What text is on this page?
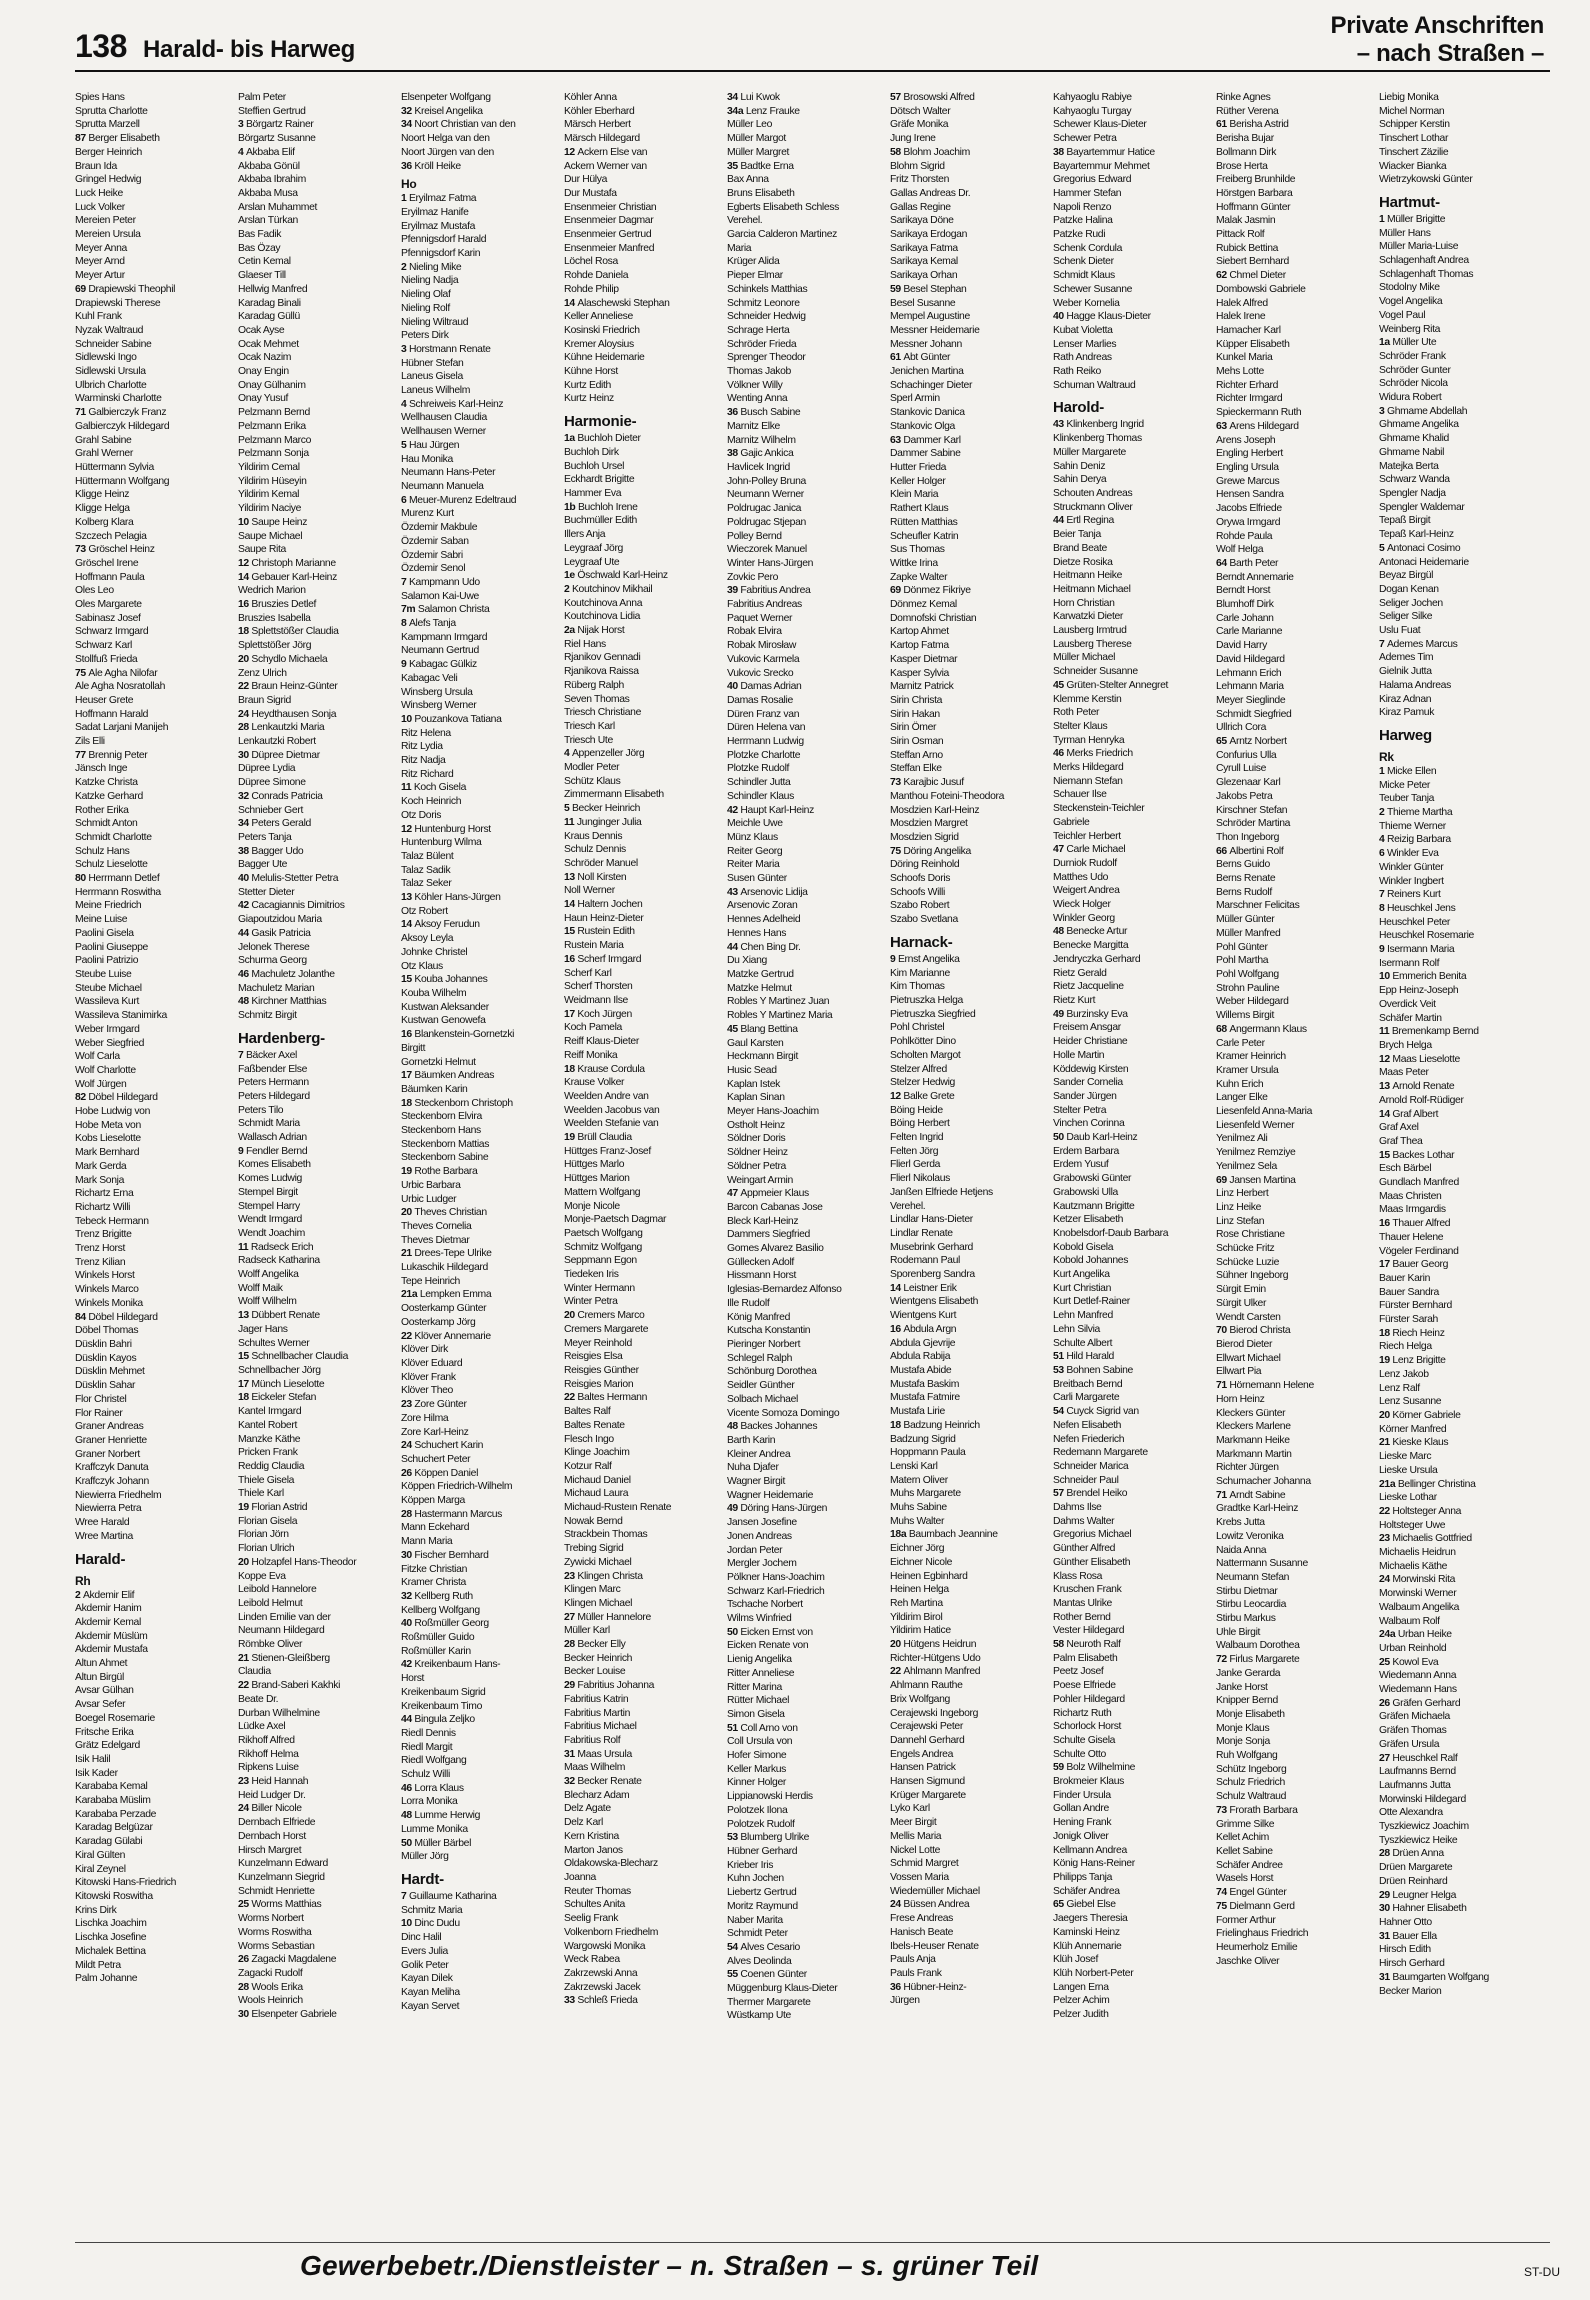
138 Harald- bis Harweg
Private Anschriften
– nach Straßen –
Spies Hans
Sprutta Charlotte
Sprutta Marzell
87 Berger Elisabeth
Berger Heinrich
Braun Ida
Gringel Hedwig
Luck Heike
Luck Volker
Mereien Peter
Mereien Ursula
Meyer Anna
Meyer Arnd
Meyer Artur
69 Drapiewski Theophil
Drapiewski Therese
Kuhl Frank
Nyzak Waltraud
Schneider Sabine
Sidlewski Ingo
Sidlewski Ursula
Ulbrich Charlotte
Warminski Charlotte
71 Galbierczyk Franz
Galbierczyk Hildegard
Grahl Sabine
Grahl Werner
Hüttermann Sylvia
Hüttermann Wolfgang
Kligge Heinz
Kligge Helga
Kolberg Klara
Szczech Pelagia
73 Gröschel Heinz
Gröschel Irene
Hoffmann Paula
Oles Leo
Oles Margarete
Sabinasz Josef
Schwarz Irmgard
Schwarz Karl
Stollfuß Frieda
75 Ale Agha Nilofar
Ale Agha Nosratollah
Heuser Grete
Hoffmann Harald
Sadat Larjani Manijeh
Zils Elli
77 Brennig Peter
Jänsch Inge
Katzke Christa
Katzke Gerhard
Rother Erika
Schmidt Anton
Schmidt Charlotte
Schulz Hans
Schulz Lieselotte
80 Herrmann Detlef
Herrmann Roswitha
Meine Friedrich
Meine Luise
Paolini Gisela
Paolini Giuseppe
Paolini Patrizio
Steube Luise
Steube Michael
Wassileva Kurt
Wassileva Stanimirka
Weber Irmgard
Weber Siegfried
Wolf Carla
Wolf Charlotte
Wolf Jürgen
82 Döbel Hildegard
Hobe Ludwig von
Hobe Meta von
Kobs Lieselotte
Mark Bernhard
Mark Gerda
Mark Sonja
Richartz Erna
Richartz Willi
Tebeck Hermann
Trenz Brigitte
Trenz Horst
Trenz Kilian
Winkels Horst
Winkels Marco
Winkels Monika
84 Döbel Hildegard
Döbel Thomas
Düsklin Bahri
Düsklin Kayos
Düsklin Mehmet
Düsklin Sahar
Flor Christel
Flor Rainer
Graner Andreas
Graner Henriette
Graner Norbert
Kraffczyk Danuta
Kraffczyk Johann
Niewierra Friedhelm
Niewierra Petra
Wree Harald
Wree Martina
Harald-
Rh
2 Akdemir Elif
Akdemir Hanim
Akdemir Kemal
Akdemir Müslüm
Akdemir Mustafa
Altun Ahmet
Altun Birgül
Avsar Gülhan
Avsar Sefer
Boegel Rosemarie
Fritsche Erika
Grätz Edelgard
Isik Halil
Isik Kader
Karababa Kemal
Karababa Müslim
Karababa Perzade
Karadag Belgüzar
Karadag Gülabi
Kiral Gülten
Kiral Zeynel
Kitowski Hans-Friedrich
Kitowski Roswitha
Krins Dirk
Lischka Joachim
Lischka Josefine
Michalek Bettina
Mildt Petra
Palm Johanne
Palm Peter
Steffien Gertrud
3 Börgartz Rainer
Börgartz Susanne
4 Akbaba Elif
Akbaba Gönül
Akbaba Ibrahim
Akbaba Musa
Arslan Muhammet
Arslan Türkan
Bas Fadik
Bas Özay
Cetin Kemal
Glaeser Till
Hellwig Manfred
Karadag Binali
Karadag Güllü
Ocak Ayse
Ocak Mehmet
Ocak Nazim
Onay Engin
Onay Gülhanim
Onay Yusuf
Pelzmann Bernd
Pelzmann Erika
Pelzmann Marco
Pelzmann Sonja
Yildirim Cemal
Yildirim Hüseyin
Yildirim Kemal
Yildirim Naciye
10 Saupe Heinz
Saupe Michael
Saupe Rita
12 Christoph Marianne
14 Gebauer Karl-Heinz
Wedrich Marion
16 Bruszies Detlef
Bruszies Isabella
18 Splettstößer Claudia
Splettstößer Jörg
20 Schydlo Michaela
Zenz Ulrich
22 Braun Heinz-Günter
Braun Sigrid
24 Heydthausen Sonja
28 Lenkautzki Maria
Lenkautzki Robert
30 Düpree Dietmar
Düpree Lydia
Düpree Simone
32 Conrads Patricia
Schnieber Gert
34 Peters Gerald
Peters Tanja
38 Bagger Udo
Bagger Ute
40 Melulis-Stetter Petra
Stetter Dieter
42 Cacagiannis Dimitrios
Giapoutzidou Maria
44 Gasik Patricia
Jelonek Therese
Schurma Georg
46 Machuletz Jolanthe
Machuletz Marian
48 Kirchner Matthias
Schmitz Birgit
Hardenberg-
7 Bäcker Axel
Faßbender Else
Peters Hermann
Peters Hildegard
Peters Tilo
Schmidt Maria
Wallasch Adrian
9 Fendler Bernd
Komes Elisabeth
Komes Ludwig
Stempel Birgit
Stempel Harry
Wendt Irmgard
Wendt Joachim
11 Radseck Erich
Radseck Katharina
Wolff Angelika
Wolff Maik
Wolff Wilhelm
13 Dübbert Renate
Jager Hans
Schultes Werner
15 Schnellbacher Claudia
Schnellbacher Jörg
17 Münch Lieselotte
18 Eickeler Stefan
Kantel Irmgard
Kantel Robert
Manzke Käthe
Pricken Frank
Reddig Claudia
Thiele Gisela
Thiele Karl
19 Florian Astrid
Florian Gisela
Florian Jörn
Florian Ulrich
20 Holzapfel Hans-Theodor
Koppe Eva
Leibold Hannelore
Leibold Helmut
Linden Emilie van der
Neumann Hildegard
Römbke Oliver
21 Stienen-Gleißberg
Claudia
22 Brand-Saberi Kakhki
Beate Dr.
Durban Wilhelmine
Lüdke Axel
Rikhoff Alfred
Rikhoff Helma
Ripkens Luise
23 Heid Hannah
Heid Ludger Dr.
24 Biller Nicole
Dernbach Elfriede
Dernbach Horst
Hirsch Margret
Kunzelmann Edward
Kunzelmann Siegrid
Schmidt Henriette
25 Worms Matthias
Worms Norbert
Worms Roswitha
Worms Sebastian
26 Zagacki Magdalene
Zagacki Rudolf
28 Wools Erika
Wools Heinrich
30 Elsenpeter Gabriele
Elsenpeter Wolfgang
32 Kreisel Angelika
34 Noort Christian van den
Noort Helga van den
Noort Jürgen van den
36 Kröll Heike
Ho
1 Eryilmaz Fatma
Eryilmaz Hanife
Eryilmaz Mustafa
Pfennigsdorf Harald
Pfennigsdorf Karin
2 Nieling Mike
Nieling Nadja
Nieling Olaf
Nieling Rolf
Nieling Wiltraud
Peters Dirk
3 Horstmann Renate
Hübner Stefan
Laneus Gisela
Laneus Wilhelm
4 Schreiweis Karl-Heinz
Wellhausen Claudia
Wellhausen Werner
5 Hau Jürgen
Hau Monika
Neumann Hans-Peter
Neumann Manuela
6 Meuer-Murenz Edeltraud
Murenz Kurt
Özdemir Makbule
Özdemir Saban
Özdemir Sabri
Özdemir Senol
7 Kampmann Udo
Salamon Kai-Uwe
7m Salamon Christa
8 Alefs Tanja
Kampmann Irmgard
Neumann Gertrud
9 Kabagac Gülkiz
Kabagac Veli
Winsberg Ursula
Winsberg Werner
10 Pouzankova Tatiana
Ritz Helena
Ritz Lydia
Ritz Nadja
Ritz Richard
11 Koch Gisela
Koch Heinrich
Otz Doris
12 Huntenburg Horst
Huntenburg Wilma
Talaz Bülent
Talaz Sadik
Talaz Seker
13 Köhler Hans-Jürgen
Otz Robert
14 Aksoy Ferudun
Aksoy Leyla
Johnke Christel
Otz Klaus
15 Kouba Johannes
Kouba Wilhelm
Kustwan Aleksander
Kustwan Genowefa
16 Blankenstein-Gornetzki
Birgitt
Gornetzki Helmut
17 Bäumken Andreas
Bäumken Karin
18 Steckenborn Christoph
Steckenborn Elvira
Steckenborn Hans
Steckenborn Mattias
Steckenborn Sabine
19 Rothe Barbara
Urbic Barbara
Urbic Ludger
20 Theves Christian
Theves Cornelia
Theves Dietmar
21 Drees-Tepe Ulrike
Lukaschik Hildegard
Tepe Heinrich
21a Lempken Emma
Oosterkamp Günter
Oosterkamp Jörg
22 Klöver Annemarie
Klöver Dirk
Klöver Eduard
Klöver Frank
Klöver Theo
23 Zore Günter
Zore Hilma
Zore Karl-Heinz
24 Schuchert Karin
Schuchert Peter
26 Köppen Daniel
Köppen Friedrich-Wilhelm
Köppen Marga
28 Hastermann Marcus
Mann Eckehard
Mann Maria
30 Fischer Bernhard
Fitzke Christian
Kramer Christa
32 Kellberg Ruth
Kellberg Wolfgang
40 Roßmüller Georg
Roßmüller Guido
Roßmüller Karin
42 Kreikenbaum Hans-
Horst
Kreikenbaum Sigrid
Kreikenbaum Timo
44 Bingula Zeljko
Riedl Dennis
Riedl Margit
Riedl Wolfgang
Schulz Willi
46 Lorra Klaus
Lorra Monika
48 Lumme Herwig
Lumme Monika
50 Müller Bärbel
Müller Jörg
Hardt-
7 Guillaume Katharina
Schmitz Maria
10 Dinc Dudu
Dinc Halil
Evers Julia
Golik Peter
Kayan Dilek
Kayan Meliha
Kayan Servet
Köhler Anna
Köhler Eberhard
Märsch Herbert
Märsch Hildegard
12 Ackern Else van
Ackern Werner van
Dur Hülya
Dur Mustafa
Ensenmeier Christian
Ensenmeier Dagmar
Ensenmeier Gertrud
Ensenmeier Manfred
Löchel Rosa
Rohde Daniela
Rohde Philip
14 Alaschewski Stephan
Keller Anneliese
Kosinski Friedrich
Kremer Aloysius
Kühne Heidemarie
Kühne Horst
Kurtz Edith
Kurtz Heinz
Harmonie-
1a Buchloh Dieter
Buchloh Dirk
Buchloh Ursel
Eckhardt Brigitte
Hammer Eva
1b Buchloh Irene
Buchmüller Edith
Illers Anja
Leygraaf Jörg
Leygraaf Ute
1e Öschwald Karl-Heinz
2 Koutchinov Mikhail
Koutchinova Anna
Koutchinova Lidia
2a Nijak Horst
Riel Hans
Rjanikov Gennadi
Rjanikova Raissa
Rüberg Ralph
Seven Thomas
Triesch Christiane
Triesch Karl
Triesch Ute
4 Appenzeller Jörg
Modler Peter
Schütz Klaus
Zimmermann Elisabeth
5 Becker Heinrich
11 Junginger Julia
Kraus Dennis
Schulz Dennis
Schröder Manuel
13 Noll Kirsten
Noll Werner
14 Haltern Jochen
Haun Heinz-Dieter
15 Rustein Edith
Rustein Maria
16 Scherf Irmgard
Scherf Karl
Scherf Thorsten
Weidmann Ilse
17 Koch Jürgen
Koch Pamela
Reiff Klaus-Dieter
Reiff Monika
18 Krause Cordula
Krause Volker
Weelden Andre van
Weelden Jacobus van
Weelden Stefanie van
19 Brüll Claudia
Hüttges Franz-Josef
Hüttges Marlo
Hüttges Marion
Mattern Wolfgang
Monje Nicole
Monje-Paetsch Dagmar
Paetsch Wolfgang
Schmitz Wolfgang
Seppmann Egon
Tiedeken Iris
Winter Hermann
Winter Petra
20 Cremers Marco
Cremers Margarete
Meyer Reinhold
Reisgies Elsa
Reisgies Günther
Reisgies Marion
22 Baltes Hermann
Baltes Ralf
Baltes Renate
Flesch Ingo
Klinge Joachim
Kotzur Ralf
Michaud Daniel
Michaud Laura
Michaud-Rusteın Renate
Nowak Bernd
Strackbein Thomas
Trebing Sigrid
Zywicki Michael
23 Klingen Christa
Klingen Marc
Klingen Michael
27 Müller Hannelore
Müller Karl
28 Becker Elly
Becker Heinrich
Becker Louise
29 Fabritius Johanna
Fabritius Katrin
Fabritius Martin
Fabritius Michael
Fabritius Rolf
31 Maas Ursula
Maas Wilhelm
32 Becker Renate
Blecharz Adam
Delz Agate
Delz Karl
Kern Kristina
Marton Janos
Oldakowska-Blecharz
Joanna
Reuter Thomas
Schultes Anita
Seelig Frank
Volkenborn Friedhelm
Wargowski Monika
Weck Rabea
Zakrzewski Anna
Zakrzewski Jacek
33 Schleß Frieda
34 Lui Kwok
34a Lenz Frauke
Müller Leo
Müller Margot
Müller Margret
35 Badtke Erna
Bax Anna
Bruns Elisabeth
Egberts Elisabeth Schless
Verehel.
Garcia Calderon Martinez
Maria
Krüger Alida
Pieper Elmar
Schinkels Matthias
Schmitz Leonore
Schneider Hedwig
Schrage Herta
Schröder Frieda
Sprenger Theodor
Thomas Jakob
Völkner Willy
Wenting Anna
36 Busch Sabine
Marnitz Elke
Marnitz Wilhelm
38 Gajic Ankica
Havlicek Ingrid
John-Polley Bruna
Neumann Werner
Poldrugac Janica
Poldrugac Stjepan
Polley Bernd
Wieczorek Manuel
Winter Hans-Jürgen
Zovkic Pero
39 Fabritius Andrea
Fabritius Andreas
Paquet Werner
Robak Elvira
Robak Mirosław
Vukovic Karmela
Vukovic Srecko
40 Damas Adrian
Damas Rosalie
Düren Franz van
Düren Helena van
Herrmann Ludwig
Plotzke Charlotte
Plotzke Rudolf
Schindler Jutta
Schindler Klaus
42 Haupt Karl-Heinz
Meichle Uwe
Münz Klaus
Reiter Georg
Reiter Maria
Susen Günter
43 Arsenovic Lidija
Arsenovic Zoran
Hennes Adelheid
Hennes Hans
44 Chen Bing Dr.
Du Xiang
Matzke Gertrud
Matzke Helmut
Robles Y Martinez Juan
Robles Y Martinez Maria
45 Blang Bettina
Gaul Karsten
Heckmann Birgit
Husic Sead
Kaplan Istek
Kaplan Sinan
Meyer Hans-Joachim
Ostholt Heinz
Söldner Doris
Söldner Heinz
Söldner Petra
Weingart Armin
47 Appmeier Klaus
Barcon Cabanas Jose
Bleck Karl-Heinz
Dammers Siegfried
Gomes Alvarez Basilio
Güllecken Adolf
Hissmann Horst
Iglesias-Bernardez Alfonso
Ille Rudolf
König Manfred
Kutscha Konstantin
Pieringer Norbert
Schlegel Ralph
Schönburg Dorothea
Seidler Günther
Solbach Michael
Vicente Somoza Domingo
48 Backes Johannes
Barth Karin
Kleiner Andrea
Nuha Djafer
Wagner Birgit
Wagner Heidemarie
49 Döring Hans-Jürgen
Jansen Josefine
Jonen Andreas
Jordan Peter
Mergler Jochem
Pölkner Hans-Joachim
Schwarz Karl-Friedrich
Tschache Norbert
Wilms Winfried
50 Eicken Ernst von
Eicken Renate von
Lienig Angelika
Ritter Anneliese
Ritter Marina
Rütter Michael
Simon Gisela
51 Coll Arno von
Coll Ursula von
Hofer Simone
Keller Markus
Kinner Holger
Lippianowski Herdis
Polotzek Ilona
Polotzek Rudolf
53 Blumberg Ulrike
Hübner Gerhard
Krieber Iris
Kuhn Jochen
Liebertz Gertrud
Moritz Raymund
Naber Marita
Schmidt Peter
54 Alves Cesario
Alves Deolinda
55 Coenen Günter
Müggenburg Klaus-Dieter
Thermer Margarete
Wüstkamp Ute
57 Brosowski Alfred
Dötsch Walter
Gräfe Monika
Jung Irene
58 Blohm Joachim
Blohm Sigrid
Fritz Thorsten
Gallas Andreas Dr.
Gallas Regine
Sarikaya Döne
Sarikaya Erdogan
Sarikaya Fatma
Sarikaya Kemal
Sarikaya Orhan
59 Besel Stephan
Besel Susanne
Mempel Augustine
Messner Heidemarie
Messner Johann
61 Abt Günter
Jenichen Martina
Schachinger Dieter
Sperl Armin
Stankovic Danica
Stankovic Olga
63 Dammer Karl
Dammer Sabine
Hutter Frieda
Keller Holger
Klein Maria
Rathert Klaus
Rütten Matthias
Scheufler Katrin
Sus Thomas
Wittke Irina
Zapke Walter
69 Dönmez Fikriye
Dönmez Kemal
Domnofski Christian
Kartop Ahmet
Kartop Fatma
Kasper Dietmar
Kasper Sylvia
Marnitz Patrick
Sirin Christa
Sirin Hakan
Sirin Ömer
Sirin Osman
Steffan Arno
Steffan Elke
73 Karajbic Jusuf
Manthou Foteini-Theodora
Mosdzien Karl-Heinz
Mosdzien Margret
Mosdzien Sigrid
75 Döring Angelika
Döring Reinhold
Schoofs Doris
Schoofs Willi
Szabo Robert
Szabo Svetlana
Harnack-
9 Ernst Angelika
Kim Marianne
Kim Thomas
Pietruszka Helga
Pietruszka Siegfried
Pohl Christel
Pohlkötter Dino
Scholten Margot
Stelzer Alfred
Stelzer Hedwig
12 Balke Grete
Böing Heide
Böing Herbert
Felten Ingrid
Felten Jörg
Flierl Gerda
Flierl Nikolaus
Janßen Elfriede Hetjens
Verehel.
Lindlar Hans-Dieter
Lindlar Renate
Musebrink Gerhard
Rodemann Paul
Sporenberg Sandra
14 Leistner Erik
Wientgens Elisabeth
Wientgens Kurt
16 Abdula Argn
Abdula Gjevrije
Abdula Rabija
Mustafa Abide
Mustafa Baskim
Mustafa Fatmire
Mustafa Lirie
18 Badzung Heinrich
Badzung Sigrid
Hoppmann Paula
Lenski Karl
Matern Oliver
Muhs Margarete
Muhs Sabine
Muhs Walter
18a Baumbach Jeannine
Eichner Jörg
Eichner Nicole
Heinen Egbinhard
Heinen Helga
Reh Martina
Yildirim Birol
Yildirim Hatice
20 Hütgens Heidrun
Richter-Hütgens Udo
22 Ahlmann Manfred
Ahlmann Rauthe
Brix Wolfgang
Cerajewski Ingeborg
Cerajewski Peter
Dannehl Gerhard
Engels Andrea
Hansen Patrick
Hansen Sigmund
Krüger Margarete
Lyko Karl
Meer Birgit
Mellis Maria
Nickel Lotte
Schmid Margret
Vossen Maria
Wiedemüller Michael
24 Büssen Andrea
Frese Andreas
Hanisch Beate
Ibels-Heuser Renate
Pauls Anja
Pauls Frank
36 Hübner-Heinz-
Jürgen
Kahyaoglu Rabiye
Kahyaoglu Turgay
Schewer Klaus-Dieter
Schewer Petra
38 Bayartemmur Hatice
Bayartemmur Mehmet
Gregorius Edward
Hammer Stefan
Napoli Renzo
Patzke Halina
Patzke Rudi
Schenk Cordula
Schenk Dieter
Schmidt Klaus
Schewer Susanne
Weber Kornelia
40 Hagge Klaus-Dieter
Kubat Violetta
Lenser Marlies
Rath Andreas
Rath Reiko
Schuman Waltraud
Harold-
43 Klinkenberg Ingrid
Klinkenberg Thomas
Müller Margarete
Sahin Deniz
Sahin Derya
Schouten Andreas
Struckmann Oliver
44 Ertl Regina
Beier Tanja
Brand Beate
Dietze Rosika
Heitmann Heike
Heitmann Michael
Horn Christian
Karwatzki Dieter
Lausberg Irmtrud
Lausberg Therese
Müller Michael
Schneider Susanne
45 Grüten-Stelter Annegret
Klemme Kerstin
Roth Peter
Stelter Klaus
Tyrman Henryka
46 Merks Friedrich
Merks Hildegard
Niemann Stefan
Schauer Ilse
Steckenstein-Teichler
Gabriele
Teichler Herbert
47 Carle Michael
Durniok Rudolf
Matthes Udo
Weigert Andrea
Wieck Holger
Winkler Georg
48 Benecke Artur
Benecke Margitta
Jendryczka Gerhard
Rietz Gerald
Rietz Jacqueline
Rietz Kurt
49 Burzinsky Eva
Freisem Ansgar
Heider Christiane
Holle Martin
Köddewig Kirsten
Sander Cornelia
Sander Jürgen
Stelter Petra
Vinchen Corinna
50 Daub Karl-Heinz
Erdem Barbara
Erdem Yusuf
Grabowski Günter
Grabowski Ulla
Kautzmann Brigitte
Ketzer Elisabeth
Knobelsdorf-Daub Barbara
Kobold Gisela
Kobold Johannes
Kurt Angelika
Kurt Christian
Kurt Detlef-Rainer
Lehn Manfred
Lehn Silvia
Schulte Albert
51 Hild Harald
53 Bohnen Sabine
Breitbach Bernd
Carli Margarete
54 Cuyck Sigrid van
Nefen Elisabeth
Nefen Friederich
Redemann Margarete
Schneider Marica
Schneider Paul
57 Brendel Heiko
Dahms Ilse
Dahms Walter
Gregorius Michael
Günther Alfred
Günther Elisabeth
Klass Rosa
Kruschen Frank
Mantas Ulrike
Rother Bernd
Vester Hildegard
58 Neuroth Ralf
Palm Elisabeth
Peetz Josef
Poese Elfriede
Pohler Hildegard
Richartz Ruth
Schorlock Horst
Schulte Gisela
Schulte Otto
59 Bolz Wilhelmine
Brokmeier Klaus
Finder Ursula
Gollan Andre
Hening Frank
Jonigk Oliver
Kellmann Andrea
König Hans-Reiner
Philipps Tanja
Schäfer Andrea
65 Giebel Else
Jaegers Theresia
Kaminski Heinz
Klüh Annemarie
Klüh Josef
Klüh Norbert-Peter
Langen Erna
Pelzer Achim
Pelzer Judith
Rinke Agnes
Rüther Verena
61 Berisha Astrid
Berisha Bujar
Bollmann Dirk
Brose Herta
Freiberg Brunhilde
Hörstgen Barbara
Hoffmann Günter
Malak Jasmin
Pittack Rolf
Rubick Bettina
Siebert Bernhard
62 Chmel Dieter
Dombowski Gabriele
Halek Alfred
Halek Irene
Hamacher Karl
Küpper Elisabeth
Kunkel Maria
Mehs Lotte
Richter Erhard
Richter Irmgard
Spieckermann Ruth
63 Arens Hildegard
Arens Joseph
Engling Herbert
Engling Ursula
Grewe Marcus
Hensen Sandra
Jacobs Elfriede
Orywa Irmgard
Rohde Paula
Wolf Helga
64 Barth Peter
Berndt Annemarie
Berndt Horst
Blumhoff Dirk
Carle Johann
Carle Marianne
David Harry
David Hildegard
Lehmann Erich
Lehmann Maria
Meyer Sieglinde
Schmidt Siegfried
Ullrich Cora
65 Arntz Norbert
Confurius Ulla
Cyrull Luise
Glezenaar Karl
Jakobs Petra
Kirschner Stefan
Schröder Martina
Thon Ingeborg
66 Albertini Rolf
Berns Guido
Berns Renate
Berns Rudolf
Marschner Felicitas
Müller Günter
Müller Manfred
Pohl Günter
Pohl Martha
Pohl Wolfgang
Strohn Pauline
Weber Hildegard
Willems Birgit
68 Angermann Klaus
Carle Peter
Kramer Heinrich
Kramer Ursula
Kuhn Erich
Langer Elke
Liesenfeld Anna-Maria
Liesenfeld Werner
Yenilmez Ali
Yenilmez Remziye
Yenilmez Sela
69 Jansen Martina
Linz Herbert
Linz Heike
Linz Stefan
Rose Christiane
Schücke Fritz
Schücke Luzie
Sühner Ingeborg
Sürgit Emin
Sürgit Ulker
Wendt Carsten
70 Bierod Christa
Bierod Dieter
Ellwart Michael
Ellwart Pia
71 Hörnemann Helene
Horn Heinz
Kleckers Günter
Kleckers Marlene
Markmann Heike
Markmann Martin
Richter Jürgen
Schumacher Johanna
71 Arndt Sabine
Gradtke Karl-Heinz
Krebs Jutta
Lowitz Veronika
Naida Anna
Nattermann Susanne
Neumann Stefan
Stirbu Dietmar
Stirbu Leocardia
Stirbu Markus
Uhle Birgit
Walbaum Dorothea
72 Firlus Margarete
Janke Gerarda
Janke Horst
Knipper Bernd
Monje Elisabeth
Monje Klaus
Monje Sonja
Ruh Wolfgang
Schütz Ingeborg
Schulz Friedrich
Schulz Waltraud
73 Frorath Barbara
Grimme Silke
Kellet Achim
Kellet Sabine
Schäfer Andree
Wasels Horst
74 Engel Günter
75 Dielmann Gerd
Former Arthur
Frielinghaus Friedrich
Heumerholz Emilie
Jaschke Oliver
Liebig Monika
Michel Norman
Schipper Kerstin
Tinschert Lothar
Tinschert Zäzilie
Wiacker Bianka
Wietrzykowski Günter
Hartmut-
1 Müller Brigitte
Müller Hans
Müller Maria-Luise
Schlagenhaft Andrea
Schlagenhaft Thomas
Stodolny Mike
Vogel Angelika
Vogel Paul
Weinberg Rita
1a Müller Ute
Schröder Frank
Schröder Gunter
Schröder Nicola
Widura Robert
3 Ghmame Abdellah
Ghmame Angelika
Ghmame Khalid
Ghmame Nabil
Matejka Berta
Schwarz Wanda
Spengler Nadja
Spengler Waldemar
Tepaß Birgit
Tepaß Karl-Heinz
5 Antonaci Cosimo
Antonaci Heidemarie
Beyaz Birgül
Dogan Kenan
Seliger Jochen
Seliger Silke
Uslu Fuat
7 Ademes Marcus
Ademes Tim
Gielnik Jutta
Halama Andreas
Kiraz Adnan
Kiraz Pamuk
Harweg
Rk
1 Micke Ellen
Micke Peter
Teuber Tanja
2 Thieme Martha
Thieme Werner
4 Reizig Barbara
6 Winkler Eva
Winkler Günter
Winkler Ingbert
7 Reiners Kurt
8 Heuschkel Jens
Heuschkel Peter
Heuschkel Rosemarie
9 Isermann Maria
Isermann Rolf
10 Emmerich Benita
Epp Heinz-Joseph
Overdick Veit
Schäfer Martin
11 Bremenkamp Bernd
Brych Helga
12 Maas Lieselotte
Maas Peter
13 Arnold Renate
Arnold Rolf-Rüdiger
14 Graf Albert
Graf Axel
Graf Thea
15 Backes Lothar
Esch Bärbel
Gundlach Manfred
Maas Christen
Maas Irmgardis
16 Thauer Alfred
Thauer Helene
Vögeler Ferdinand
17 Bauer Georg
Bauer Karin
Bauer Sandra
Fürster Bernhard
Fürster Sarah
18 Riech Heinz
Riech Helga
19 Lenz Brigitte
Lenz Jakob
Lenz Ralf
Lenz Susanne
20 Körner Gabriele
Körner Manfred
21 Kieske Klaus
Lieske Marc
Lieske Ursula
21a Bellinger Christina
Lieske Lothar
22 Holtsteger Anna
Holtsteger Uwe
23 Michaelis Gottfried
Michaelis Heidrun
Michaelis Käthe
24 Morwinski Rita
Morwinski Werner
Walbaum Angelika
Walbaum Rolf
24a Urban Heike
Urban Reinhold
25 Kowol Eva
Wiedemann Anna
Wiedemann Hans
26 Gräfen Gerhard
Gräfen Michaela
Gräfen Thomas
Gräfen Ursula
27 Heuschkel Ralf
Laufmanns Bernd
Laufmanns Jutta
Morwinski Hildegard
Otte Alexandra
Tyszkiewicz Joachim
Tyszkiewicz Heike
28 Drüen Anna
Drüen Margarete
Drüen Reinhard
29 Leugner Helga
30 Hahner Elisabeth
Hahner Otto
31 Bauer Ella
Hirsch Edith
Hirsch Gerhard
31 Baumgarten Wolfgang
Becker Marion
Gewerbebetr./Dienstleister – n. Straßen – s. grüner Teil	ST-DU
